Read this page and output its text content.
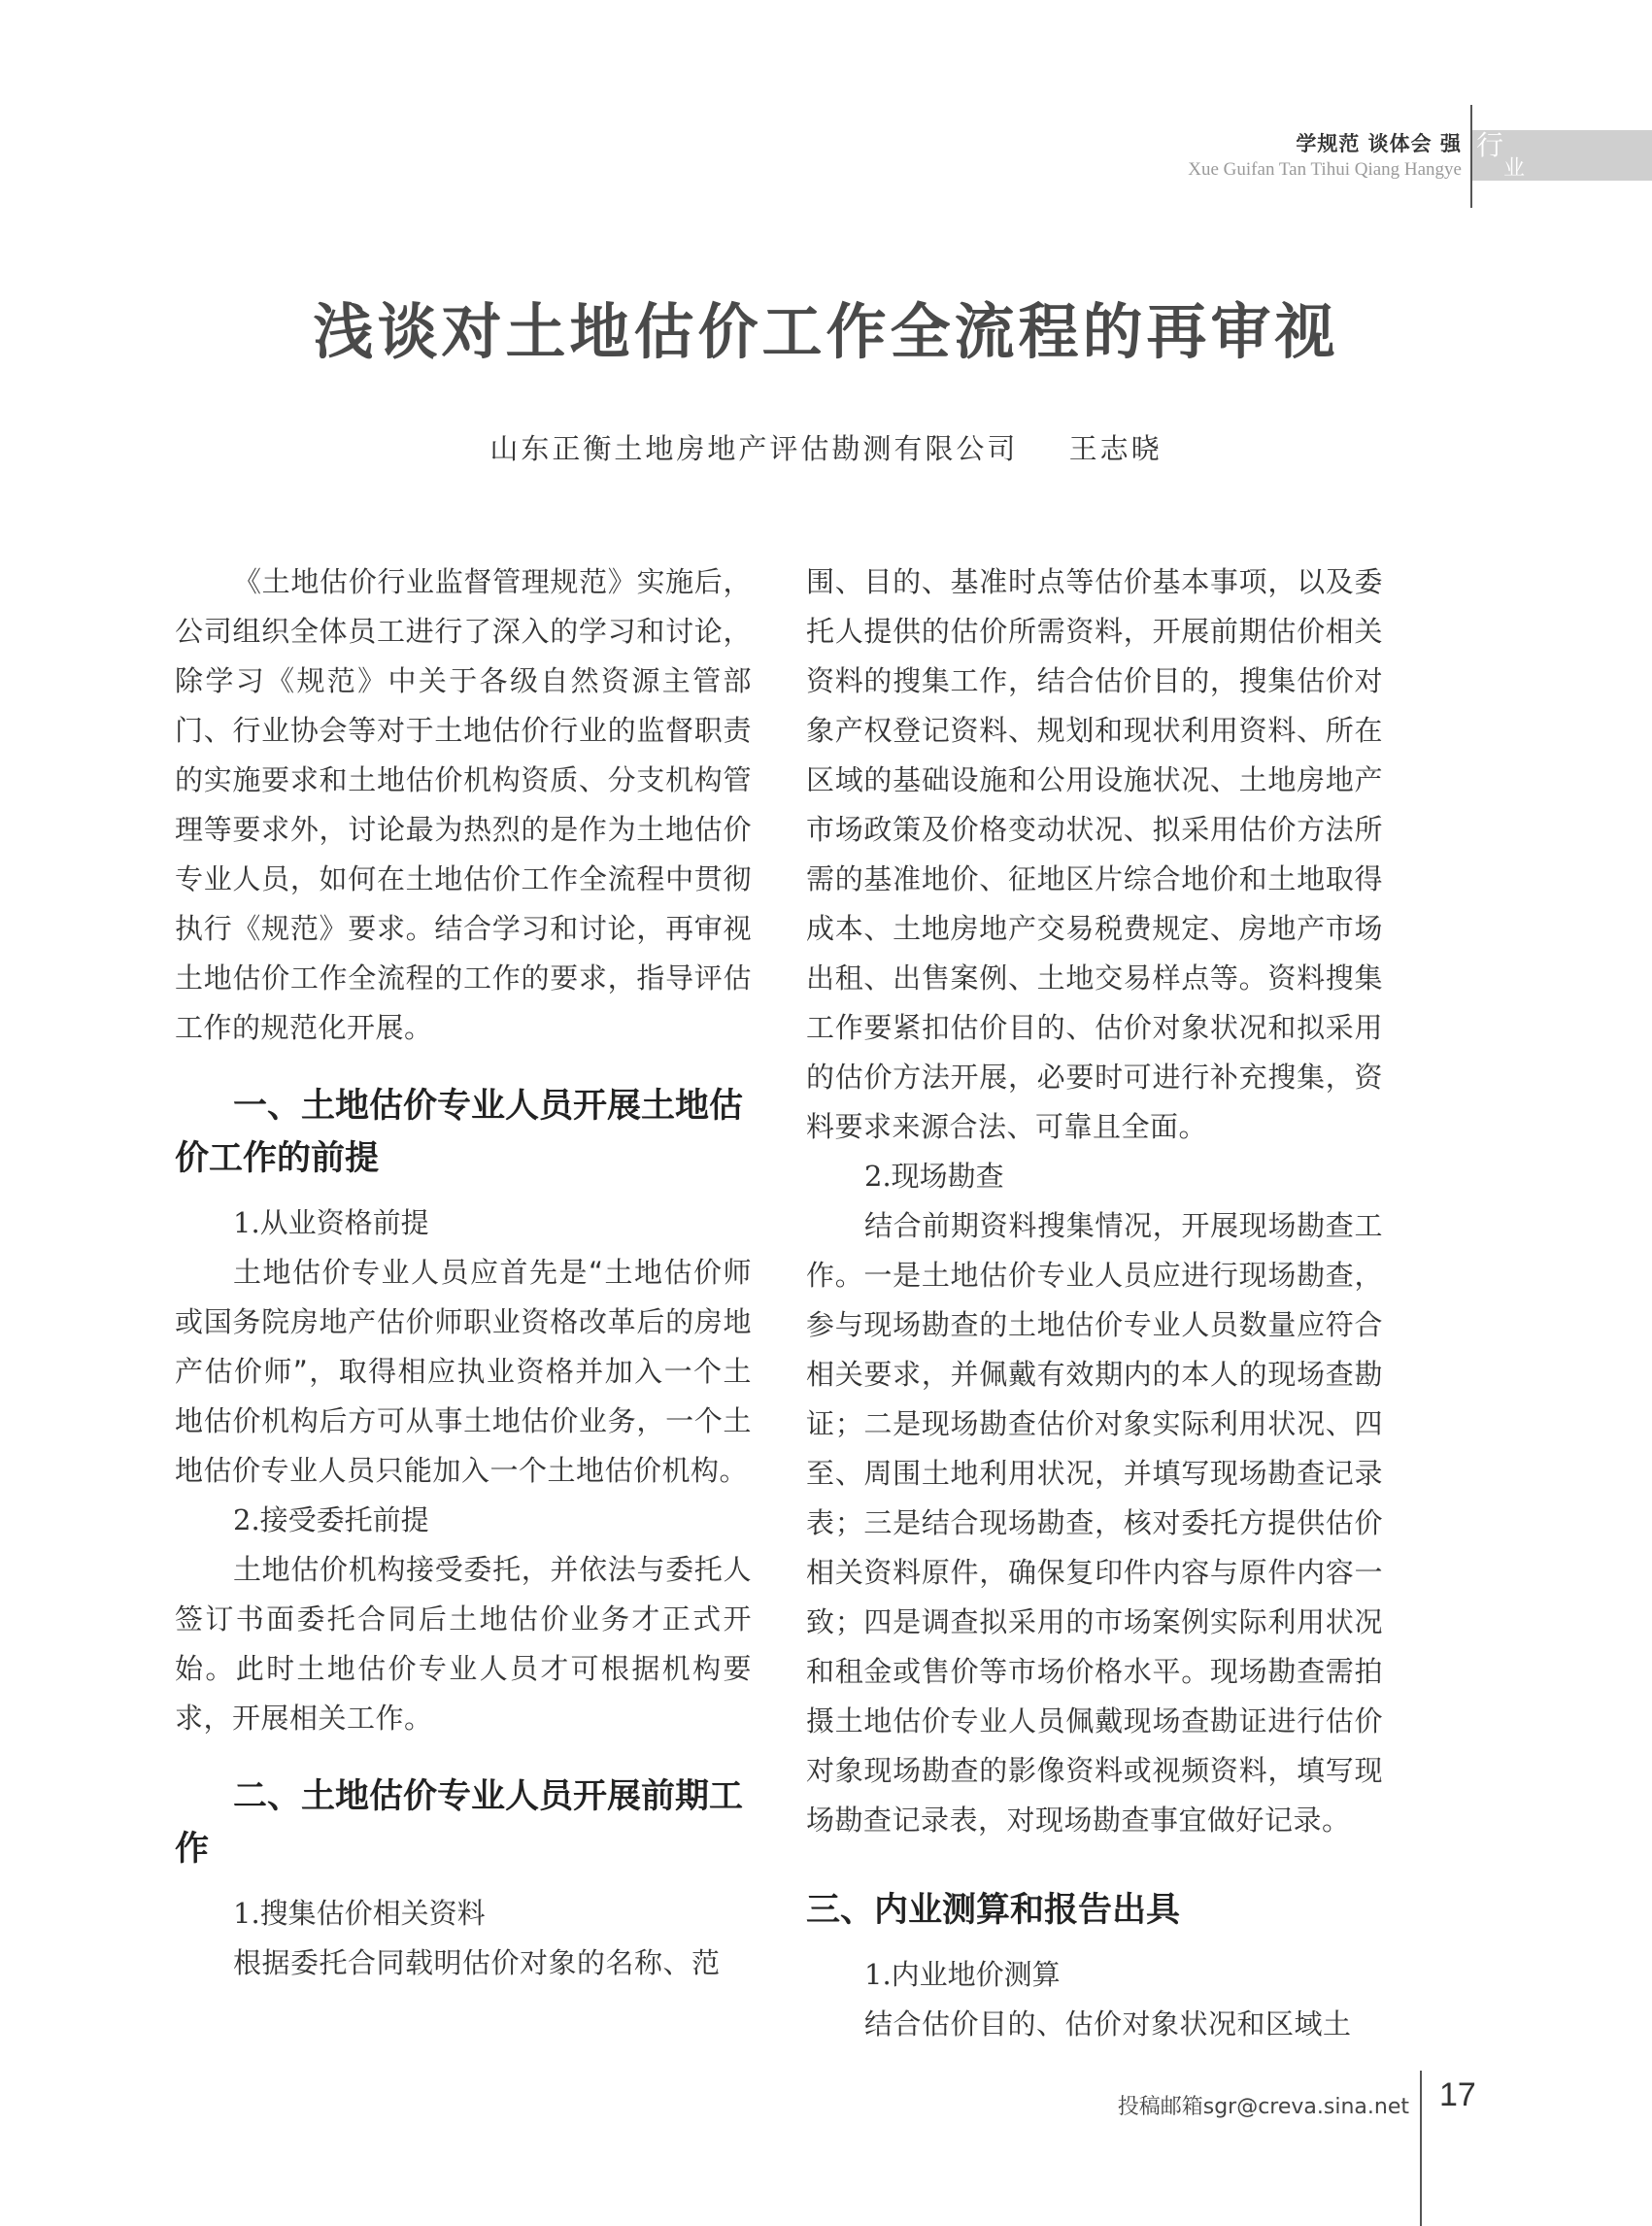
学规范 谈体会 强
Xue Guifan Tan Tihui Qiang Hangye
行
业
浅谈对土地估价工作全流程的再审视
山东正衡土地房地产评估勘测有限公司 王志晓

《土地估价行业监督管理规范》实施后，公司组织全体员工进行了深入的学习和讨论，除学习《规范》中关于各级自然资源主管部门、行业协会等对于土地估价行业的监督职责的实施要求和土地估价机构资质、分支机构管理等要求外，讨论最为热烈的是作为土地估价专业人员，如何在土地估价工作全流程中贯彻执行《规范》要求。结合学习和讨论，再审视土地估价工作全流程的工作的要求，指导评估工作的规范化开展。

一、土地估价专业人员开展土地估价工作的前提
1.从业资格前提

土地估价专业人员应首先是“土地估价师或国务院房地产估价师职业资格改革后的房地产估价师”，取得相应执业资格并加入一个土地估价机构后方可从事土地估价业务，一个土地估价专业人员只能加入一个土地估价机构。

2.接受委托前提

土地估价机构接受委托，并依法与委托人签订书面委托合同后土地估价业务才正式开始。此时土地估价专业人员才可根据机构要求，开展相关工作。

二、土地估价专业人员开展前期工作
1.搜集估价相关资料

根据委托合同载明估价对象的名称、范

围、目的、基准时点等估价基本事项，以及委托人提供的估价所需资料，开展前期估价相关资料的搜集工作，结合估价目的，搜集估价对象产权登记资料、规划和现状利用资料、所在区域的基础设施和公用设施状况、土地房地产市场政策及价格变动状况、拟采用估价方法所需的基准地价、征地区片综合地价和土地取得成本、土地房地产交易税费规定、房地产市场出租、出售案例、土地交易样点等。资料搜集工作要紧扣估价目的、估价对象状况和拟采用的估价方法开展，必要时可进行补充搜集，资料要求来源合法、可靠且全面。

2.现场勘查

结合前期资料搜集情况，开展现场勘查工作。一是土地估价专业人员应进行现场勘查，参与现场勘查的土地估价专业人员数量应符合相关要求，并佩戴有效期内的本人的现场查勘证；二是现场勘查估价对象实际利用状况、四至、周围土地利用状况，并填写现场勘查记录表；三是结合现场勘查，核对委托方提供估价相关资料原件，确保复印件内容与原件内容一致；四是调查拟采用的市场案例实际利用状况和租金或售价等市场价格水平。现场勘查需拍摄土地估价专业人员佩戴现场查勘证进行估价对象现场勘查的影像资料或视频资料，填写现场勘查记录表，对现场勘查事宜做好记录。

三、内业测算和报告出具
1.内业地价测算

结合估价目的、估价对象状况和区域土

投稿邮箱sgr@creva.sina.net 17
